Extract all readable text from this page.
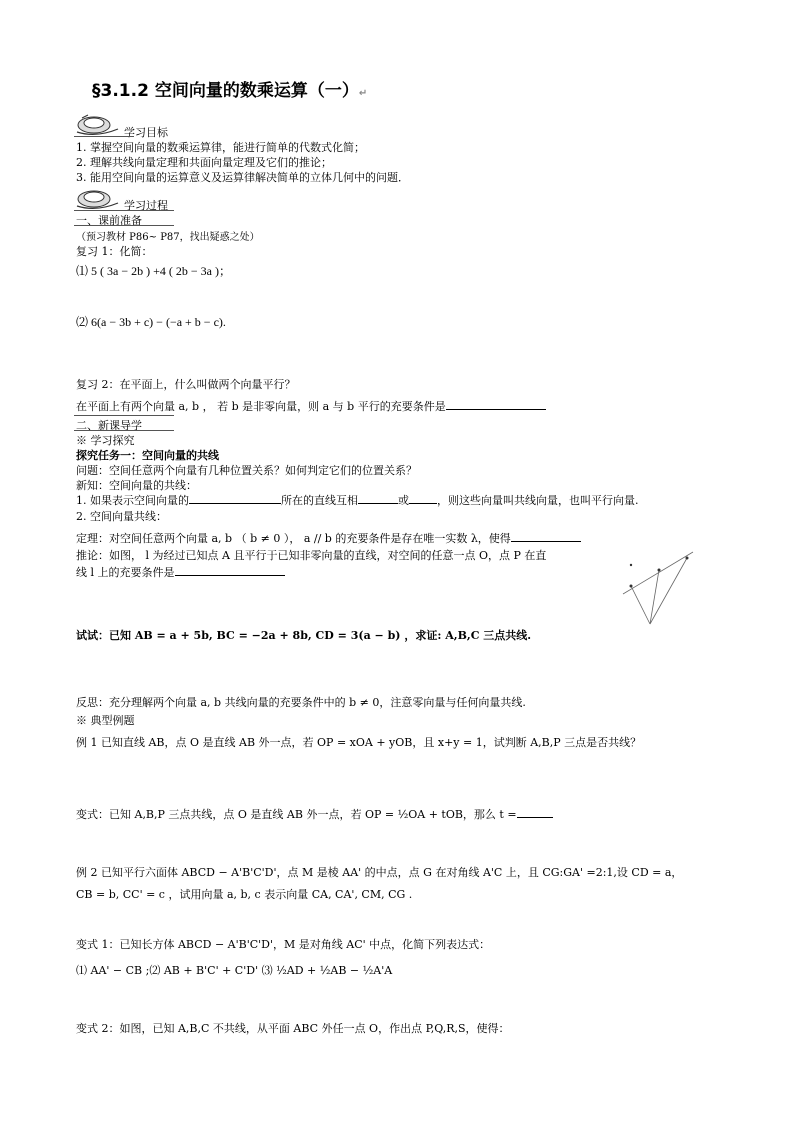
§3.1.2 空间向量的数乘运算（一）↵
学习目标
1. 掌握空间向量的数乘运算律，能进行简单的代数式化简；
2. 理解共线向量定理和共面向量定理及它们的推论；
3. 能用空间向量的运算意义及运算律解决简单的立体几何中的问题．
学习过程
一、课前准备
（预习教材 P86~ P87，找出疑惑之处）
复习 1：化简：
⑴ 5 ( 3a − 2b ) +4 ( 2b − 3a )；
⑵ 6(a − 3b + c) − (−a + b − c).
复习 2：在平面上，什么叫做两个向量平行？
在平面上有两个向量 a, b ， 若 b 是非零向量，则 a 与 b 平行的充要条件是
二、新课导学
※ 学习探究
探究任务一：空间向量的共线
问题：空间任意两个向量有几种位置关系？如何判定它们的位置关系？
新知：空间向量的共线：
1. 如果表示空间向量的	所在的直线互相	或	，则这些向量叫共线向量，也叫平行向量.
2. 空间向量共线：
定理：对空间任意两个向量 a, b （ b ≠ 0 ）， a // b 的充要条件是存在唯一实数 λ，使得
推论：如图， l 为经过已知点 A 且平行于已知非零向量的直线，对空间的任意一点 O，点 P 在直
线 l 上的充要条件是
试试：已知 AB = a + 5b, BC = −2a + 8b, CD = 3(a − b) ，求证: A,B,C 三点共线.
反思：充分理解两个向量 a, b 共线向量的充要条件中的 b ≠ 0，注意零向量与任何向量共线.
※ 典型例题
例 1 已知直线 AB，点 O 是直线 AB 外一点，若 OP = xOA + yOB，且 x+y = 1，试判断 A,B,P 三点是否共线？
变式：已知 A,B,P 三点共线，点 O 是直线 AB 外一点，若 OP = ½OA + tOB，那么 t =
例 2 已知平行六面体 ABCD − A'B'C'D'，点 M 是棱 AA' 的中点，点 G 在对角线 A'C 上，且 CG:GA' =2:1,设 CD = a，
CB = b, CC' = c ，试用向量 a, b, c 表示向量 CA, CA', CM, CG .
变式 1：已知长方体 ABCD − A'B'C'D'，M 是对角线 AC' 中点，化简下列表达式：
⑴ AA' − CB ;⑵ AB + B'C' + C'D' ⑶ ½AD + ½AB − ½A'A
变式 2：如图，已知 A,B,C 不共线，从平面 ABC 外任一点 O，作出点 P,Q,R,S，使得：
